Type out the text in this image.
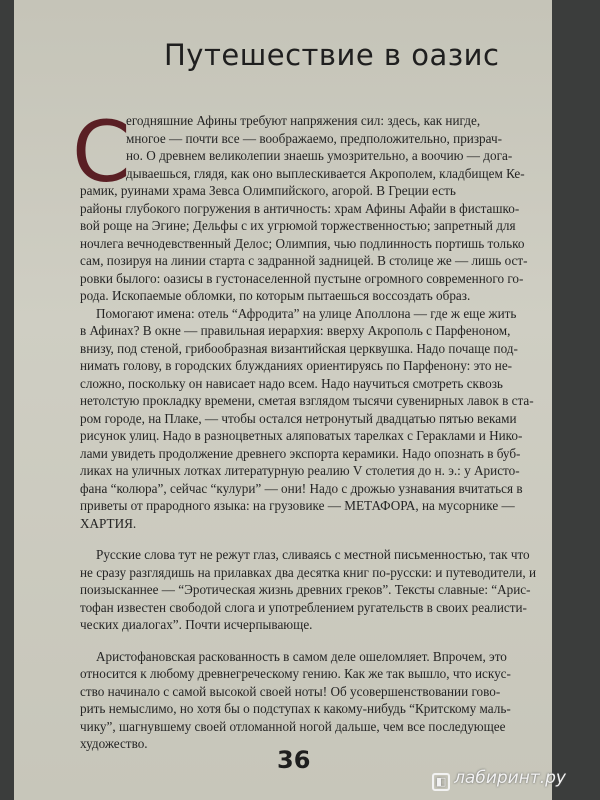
Путешествие в оазис
С
егодняшние Афины требуют напряжения сил: здесь, как нигде,
многое — почти все — воображаемо, предположительно, призрач-
но. О древнем великолепии знаешь умозрительно, а воочию — дога-
дываешься, глядя, как оно выплескивается Акрополем, кладбищем Ке-
рамик, руинами храма Зевса Олимпийского, агорой. В Греции есть
районы глубокого погружения в античность: храм Афины Афайи в фисташко-
вой роще на Эгине; Дельфы с их угрюмой торжественностью; запретный для
ночлега вечнодевственный Делос; Олимпия, чью подлинность портишь только
сам, позируя на линии старта с задранной задницей. В столице же — лишь ост-
ровки былого: оазисы в густонаселенной пустыне огромного современного го-
рода. Ископаемые обломки, по которым пытаешься воссоздать образ.
Помогают имена: отель “Афродита” на улице Аполлона — где ж еще жить
в Афинах? В окне — правильная иерархия: вверху Акрополь с Парфеноном,
внизу, под стеной, грибообразная византийская церквушка. Надо почаще под-
нимать голову, в городских блужданиях ориентируясь по Парфенону: это не-
сложно, поскольку он нависает надо всем. Надо научиться смотреть сквозь
нетолстую прокладку времени, сметая взглядом тысячи сувенирных лавок в ста-
ром городе, на Плаке, — чтобы остался нетронутый двадцатью пятью веками
рисунок улиц. Надо в разноцветных аляповатых тарелках с Гераклами и Нико-
лами увидеть продолжение древнего экспорта керамики. Надо опознать в буб-
ликах на уличных лотках литературную реалию V столетия до н. э.: у Аристо-
фана “колюра”, сейчас “кулури” — они! Надо с дрожью узнавания вчитаться в
приветы от прародного языка: на грузовике — МЕТАФОРА, на мусорнике —
ХАРТИЯ.
Русские слова тут не режут глаз, сливаясь с местной письменностью, так что
не сразу разглядишь на прилавках два десятка книг по-русски: и путеводители, и
поизысканнее — “Эротическая жизнь древних греков”. Тексты славные: “Арис-
тофан известен свободой слога и употреблением ругательств в своих реалисти-
ческих диалогах”. Почти исчерпывающе.
Аристофановская раскованность в самом деле ошеломляет. Впрочем, это
относится к любому древнегреческому гению. Как же так вышло, что искус-
ство начинало с самой высокой своей ноты! Об усовершенствовании гово-
рить немыслимо, но хотя бы о подступах к какому-нибудь “Критскому маль-
чику”, шагнувшему своей отломанной ногой дальше, чем все последующее
художество.
36
◧ лабиринт.ру
